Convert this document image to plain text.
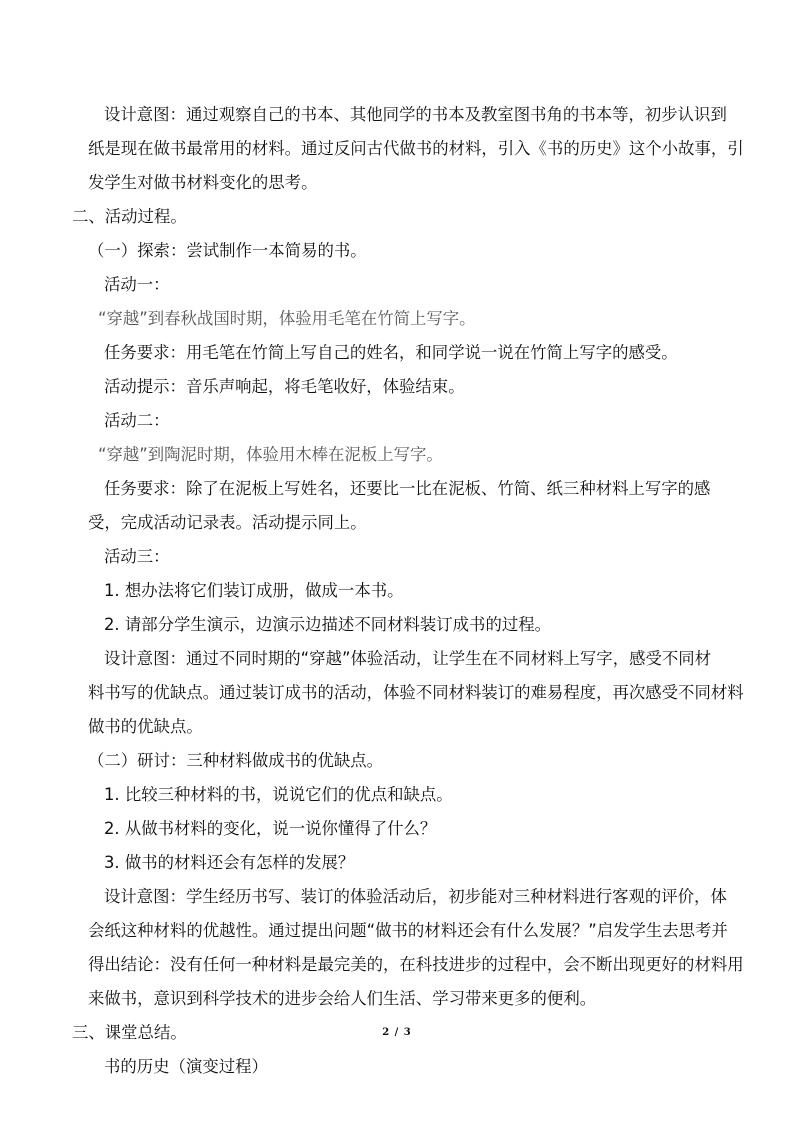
设计意图：通过观察自己的书本、其他同学的书本及教室图书角的书本等，初步认识到

纸是现在做书最常用的材料。通过反问古代做书的材料，引入《书的历史》这个小故事，引

发学生对做书材料变化的思考。

二、活动过程。

（一）探索：尝试制作一本简易的书。

活动一：

“穿越”到春秋战国时期，体验用毛笔在竹简上写字。

任务要求：用毛笔在竹简上写自己的姓名，和同学说一说在竹简上写字的感受。

活动提示：音乐声响起，将毛笔收好，体验结束。

活动二：

“穿越”到陶泥时期，体验用木棒在泥板上写字。

任务要求：除了在泥板上写姓名，还要比一比在泥板、竹简、纸三种材料上写字的感

受，完成活动记录表。活动提示同上。

活动三：

1. 想办法将它们装订成册，做成一本书。

2. 请部分学生演示，边演示边描述不同材料装订成书的过程。

设计意图：通过不同时期的“穿越”体验活动，让学生在不同材料上写字，感受不同材

料书写的优缺点。通过装订成书的活动，体验不同材料装订的难易程度，再次感受不同材料

做书的优缺点。

（二）研讨：三种材料做成书的优缺点。

1. 比较三种材料的书，说说它们的优点和缺点。

2. 从做书材料的变化，说一说你懂得了什么？

3. 做书的材料还会有怎样的发展？

设计意图：学生经历书写、装订的体验活动后，初步能对三种材料进行客观的评价，体

会纸这种材料的优越性。通过提出问题“做书的材料还会有什么发展？”启发学生去思考并

得出结论：没有任何一种材料是最完美的，在科技进步的过程中，会不断出现更好的材料用

来做书，意识到科学技术的进步会给人们生活、学习带来更多的便利。

三、课堂总结。

书的历史（演变过程）

2 / 3
